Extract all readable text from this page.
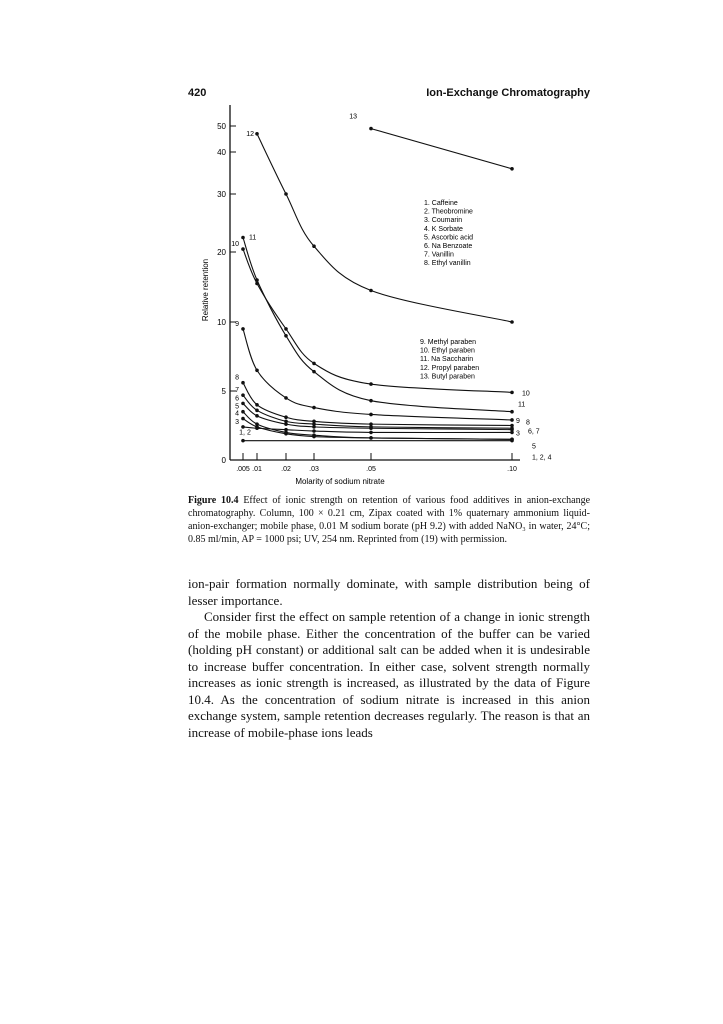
420	Ion-Exchange Chromatography
0
5
10
20
30
40
50
.005 .01	.02	.03	.05	.10
1, 2
3
4
5
6
7
8
9
10
11
12
13
1, 2, 4
3
5
6, 7
8
9
10
11
Relative retention
Molarity of sodium nitrate
1. Caffeine
2. Theobromine
3. Coumarin
4. K Sorbate
5. Ascorbic acid
6. Na Benzoate
7. Vanillin
8. Ethyl vanillin
9. Methyl paraben
10. Ethyl paraben
11. Na Saccharin
12. Propyl paraben
13. Butyl paraben
Figure 10.4 Effect of ionic strength on retention of various food additives in anion-exchange chromatography. Column, 100 × 0.21 cm, Zipax coated with 1% quaternary ammonium liquid-anion-exchanger; mobile phase, 0.01 M sodium borate (pH 9.2) with added NaNO₃ in water, 24°C; 0.85 ml/min, AP = 1000 psi; UV, 254 nm. Reprinted from (19) with permission.

ion-pair formation normally dominate, with sample distribution being of lesser importance.

Consider first the effect on sample retention of a change in ionic strength of the mobile phase. Either the concentration of the buffer can be varied (holding pH constant) or additional salt can be added when it is undesirable to increase buffer concentration. In either case, solvent strength normally increases as ionic strength is increased, as illustrated by the data of Figure 10.4. As the concentration of sodium nitrate is increased in this anion exchange system, sample retention decreases regularly. The reason is that an increase of mobile-phase ions leads
